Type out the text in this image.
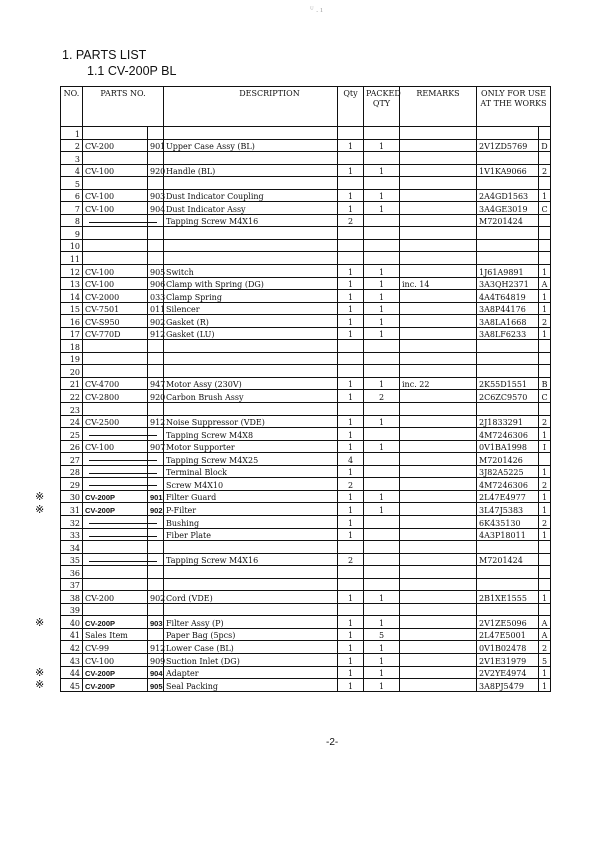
ᵁ . ı
1. PARTS LIST
1.1 CV-200P BL
NO.	PARTS NO.		DESCRIPTION	Qty	PACKED QTY	REMARKS	ONLY FOR USE AT THE WORKS	
1								
2	CV-200	901	Upper Case Assy (BL)	1	1		2V1ZD5769	D
3								
4	CV-100	920	Handle (BL)	1	1		1V1KA9066	2
5								
6	CV-100	903	Dust Indicator Coupling	1	1		2A4GD1563	1
7	CV-100	904	Dust Indicator Assy	1	1		3A4GE3019	C
8			Tapping Screw M4X16	2			M7201424	
9								
10								
11								
12	CV-100	905	Switch	1	1		1J61A9891	1
13	CV-100	906	Clamp with Spring (DG)	1	1	inc. 14	3A3QH2371	A
14	CV-2000	033	Clamp Spring	1	1		4A4T64819	1
15	CV-7501	011	Silencer	1	1		3A8P44176	1
16	CV-S950	902	Gasket (R)	1	1		3A8LA1668	2
17	CV-770D	912	Gasket (LU)	1	1		3A8LF6233	1
18								
19								
20								
21	CV-4700	947	Motor Assy (230V)	1	1	inc. 22	2K55D1551	B
22	CV-2800	920	Carbon Brush Assy	1	2		2C6ZC9570	C
23								
24	CV-2500	912	Noise Suppressor (VDE)	1	1		2J1833291	2
25			Tapping Screw M4X8	1			4M7246306	1
26	CV-100	907	Motor Supporter	1	1		0V1BA1998	I
27			Tapping Screw M4X25	4			M7201426	
28			Terminal Block	1			3J82A5225	1
29			Screw M4X10	2			4M7246306	2
30	CV-200P	901	Filter Guard	1	1		2L47E4977	1
31	CV-200P	902	P-Filter	1	1		3L47J5383	1
32			Bushing	1			6K435130	2
33			Fiber Plate	1			4A3P18011	1
34								
35			Tapping Screw M4X16	2			M7201424	
36								
37								
38	CV-200	902	Cord (VDE)	1	1		2B1XE1555	1
39								
40	CV-200P	903	Filter Assy (P)	1	1		2V1ZE5096	A
41	Sales Item		Paper Bag (5pcs)	1	5		2L47E5001	A
42	CV-99	912	Lower Case (BL)	1	1		0V1B02478	2
43	CV-100	909	Suction Inlet (DG)	1	1		2V1E31979	5
44	CV-200P	904	Adapter	1	1		2V2YE4974	1
45	CV-200P	905	Seal Packing	1	1		3A8PJ5479	1
※
※
※
※
※
-2-
